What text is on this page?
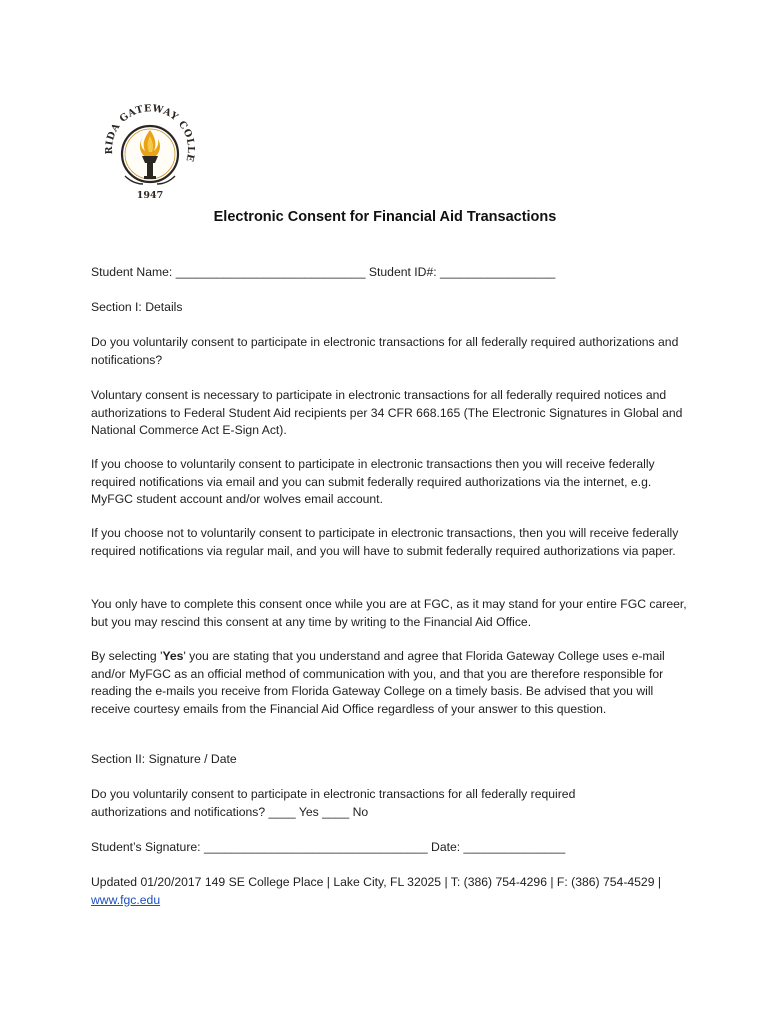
RIDA GATEWAY COLLE
1947
Electronic Consent for Financial Aid Transactions

Student Name: ____________________________ Student ID#: _________________

Section I: Details

Do you voluntarily consent to participate in electronic transactions for all federally required authorizations and notifications?

Voluntary consent is necessary to participate in electronic transactions for all federally required notices and authorizations to Federal Student Aid recipients per 34 CFR 668.165 (The Electronic Signatures in Global and National Commerce Act E-Sign Act).

If you choose to voluntarily consent to participate in electronic transactions then you will receive federally required notifications via email and you can submit federally required authorizations via the internet, e.g. MyFGC student account and/or wolves email account.

If you choose not to voluntarily consent to participate in electronic transactions, then you will receive federally required notifications via regular mail, and you will have to submit federally required authorizations via paper.

You only have to complete this consent once while you are at FGC, as it may stand for your entire FGC career, but you may rescind this consent at any time by writing to the Financial Aid Office.

By selecting 'Yes' you are stating that you understand and agree that Florida Gateway College uses e-mail and/or MyFGC as an official method of communication with you, and that you are therefore responsible for reading the e-mails you receive from Florida Gateway College on a timely basis. Be advised that you will receive courtesy emails from the Financial Aid Office regardless of your answer to this question.

Section II: Signature / Date

Do you voluntarily consent to participate in electronic transactions for all federally required authorizations and notifications? ____ Yes ____ No

Student’s Signature: _________________________________ Date: _______________

Updated 01/20/2017 149 SE College Place | Lake City, FL 32025 | T: (386) 754-4296 | F: (386) 754-4529 | www.fgc.edu
